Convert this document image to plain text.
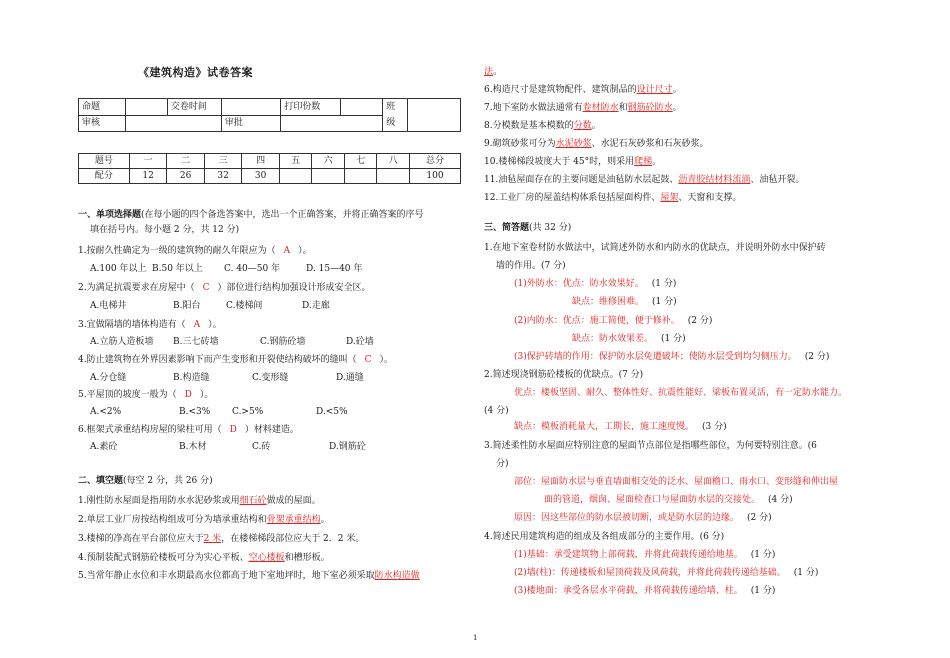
《建筑构造》试卷答案
命题		交卷时间		打印份数		班
级	
审核			审批				
题号	一	二	三	四	五	六	七	八	总分
配分	12	26	32	30					100
一、单项选择题(在每小题的四个备选答案中，选出一个正确答案，并将正确答案的序号
填在括号内。每小题 2 分，共 12 分)
1.按耐久性确定为一级的建筑物的耐久年限应为（ A ）。
A.100 年以上 B.50 年以上 C. 40—50 年	D. 15—40 年
2.为满足抗震要求在房屋中（ C ）部位进行结构加强设计形成安全区。
A.电梯井	B.阳台	C.楼梯间	D.走廊
3.宜做隔墙的墙体构造有（ A ）。
A.立筋人造板墙 B.三七砖墙	C.钢筋砼墙	D.砼墙
4.防止建筑物在外界因素影响下而产生变形和开裂使结构破坏的缝叫（ C ）。
A.分仓缝	B.构造缝	C.变形缝	D.通缝
5.平屋顶的坡度一般为（ D ）。
A.<2%	B.<3% C.>5%	D.<5%
6.框架式承重结构房屋的梁柱可用（ D ）材料建造。
A.素砼	B.木材	C.砖	D.钢筋砼
二、填空题(每空 2 分，共 26 分)
1.刚性防水屋面是指用防水水泥砂浆或用细石砼做成的屋面。
2.单层工业厂房按结构组成可分为墙承重结构和骨架承重结构。
3.楼梯的净高在平台部位应大于2 米，在楼梯梯段部位应大于 2．2 米。
4.预制装配式钢筋砼楼板可分为实心平板、空心楼板和槽形板。
5.当常年静止水位和丰水期最高水位都高于地下室地坪时，地下室必须采取防水构造做
1
法。
6.构造尺寸是建筑物配件、建筑制品的设计尺寸。
7.地下室防水做法通常有卷材防水和钢筋砼防水。
8.分模数是基本模数的分数。
9.砌筑砂浆可分为水泥砂浆、水泥石灰砂浆和石灰砂浆。
10.楼梯梯段坡度大于 45°时，则采用爬梯。
11.油毡屋面存在的主要问题是油毡防水层起鼓、沥青胶结材料流淌、油毡开裂。
12.工业厂房的屋盖结构体系包括屋面构件、屋架、天窗和支撑。
三、简答题(共 32 分)
1.在地下室卷材防水做法中，试简述外防水和内防水的优缺点，并说明外防水中保护砖
墙的作用。(7 分)
(1)外防水：优点：防水效果好。 (1 分)
缺点：维修困难。 (1 分)
(2)内防水：优点：施工简便，便于修补。 (2 分)
缺点：防水效果差。 (1 分)
(3)保护砖墙的作用：保护防水层免遭破坏；使防水层受到均匀侧压力。 (2 分)
2.简述现浇钢筋砼楼板的优缺点。(7 分)
优点：楼板坚固、耐久、整体性好、抗震性能好、梁板布置灵活，有一定防水能力。
(4 分)
缺点：模板消耗量大，工期长，施工速度慢。 (3 分)
3.简述柔性防水屋面应特别注意的屋面节点部位是指哪些部位，为何要特别注意。(6
分)
部位：屋面防水层与垂直墙面相交处的泛水、屋面檐口、雨水口、变形缝和伸出屋
面的管道，烟囱、屋面检查口与屋面防水层的交接处。 (4 分)
原因：因这些部位的防水层被切断，或是防水层的边缘。 (2 分)
4.简述民用建筑构造的组成及各组成部分的主要作用。(6 分)
(1)基础：承受建筑物上部荷载，并将此荷载传递给地基。 (1 分)
(2)墙(柱)：传递楼板和屋顶荷载及风荷载，并将此荷载传递给基础。 (1 分)
(3)楼地面：承受各层水平荷载，并将荷载传递给墙、柱。 (1 分)
